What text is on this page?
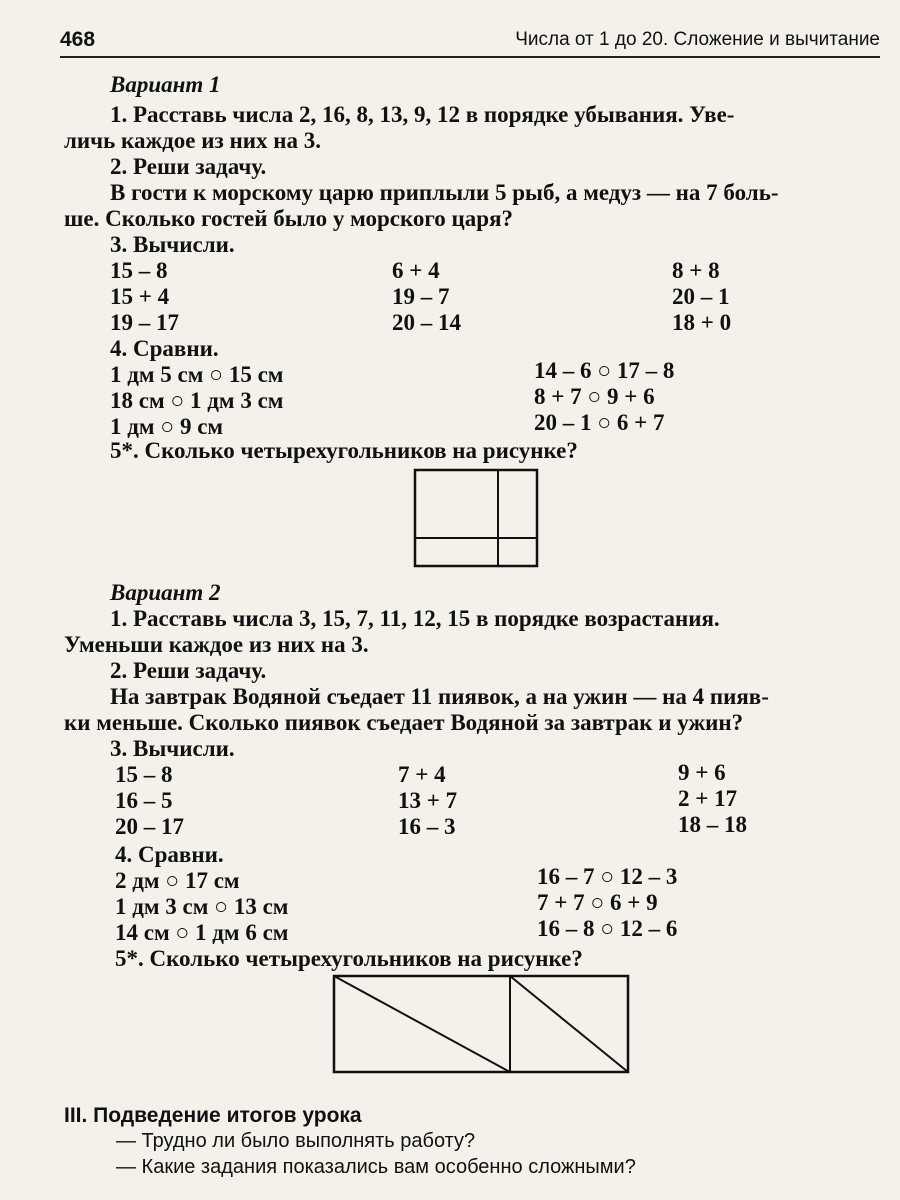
468	Числа от 1 до 20. Сложение и вычитание
Вариант 1
1. Расставь числа 2, 16, 8, 13, 9, 12 в порядке убывания. Уве-
личь каждое из них на 3.
2. Реши задачу.
В гости к морскому царю приплыли 5 рыб, а медуз — на 7 боль-
ше. Сколько гостей было у морского царя?
3. Вычисли.
15 – 8
15 + 4
19 – 17
6 + 4
19 – 7
20 – 14
8 + 8
20 – 1
18 + 0
4. Сравни.
1 дм 5 см ○ 15 см
18 см ○ 1 дм 3 см
1 дм ○ 9 см
14 – 6 ○ 17 – 8
8 + 7 ○ 9 + 6
20 – 1 ○ 6 + 7
5*. Сколько четырехугольников на рисунке?
Вариант 2
1. Расставь числа 3, 15, 7, 11, 12, 15 в порядке возрастания.
Уменьши каждое из них на 3.
2. Реши задачу.
На завтрак Водяной съедает 11 пиявок, а на ужин — на 4 пияв-
ки меньше. Сколько пиявок съедает Водяной за завтрак и ужин?
3. Вычисли.
15 – 8
16 – 5
20 – 17
7 + 4
13 + 7
16 – 3
9 + 6
2 + 17
18 – 18
4. Сравни.
2 дм ○ 17 см
1 дм 3 см ○ 13 см
14 см ○ 1 дм 6 см
16 – 7 ○ 12 – 3
7 + 7 ○ 6 + 9
16 – 8 ○ 12 – 6
5*. Сколько четырехугольников на рисунке?
III. Подведение итогов урока
— Трудно ли было выполнять работу?
— Какие задания показались вам особенно сложными?
